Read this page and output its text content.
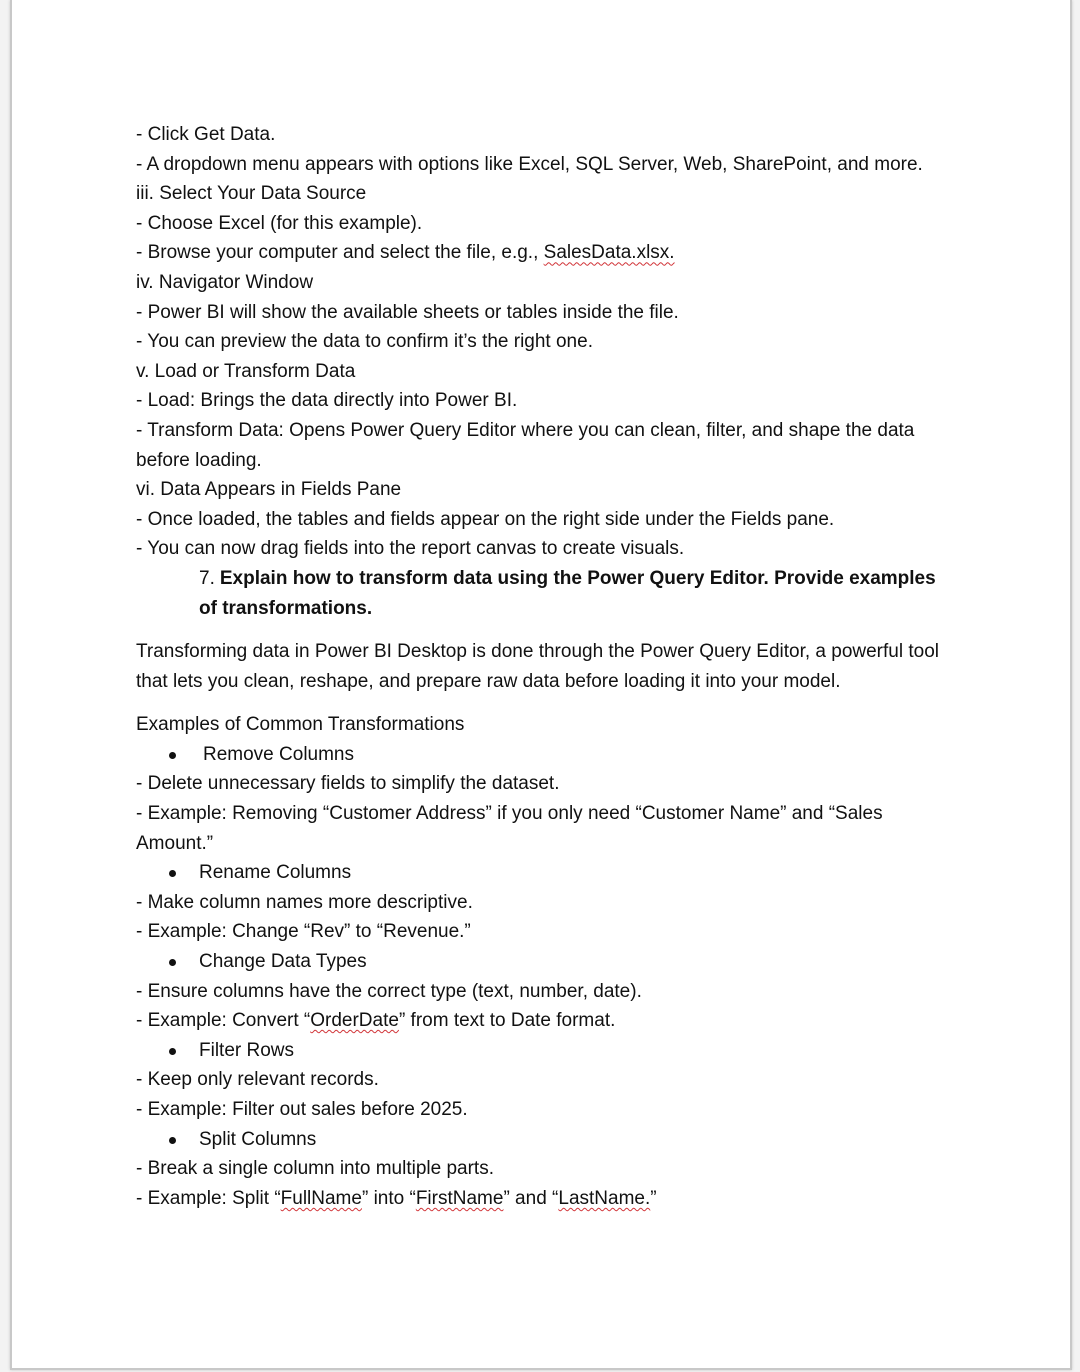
- Click Get Data.
- A dropdown menu appears with options like Excel, SQL Server, Web, SharePoint, and more.
iii. Select Your Data Source
- Choose Excel (for this example).
- Browse your computer and select the file, e.g., SalesData.xlsx.
iv. Navigator Window
- Power BI will show the available sheets or tables inside the file.
- You can preview the data to confirm it’s the right one.
v. Load or Transform Data
- Load: Brings the data directly into Power BI.
- Transform Data: Opens Power Query Editor where you can clean, filter, and shape the data before loading.
vi. Data Appears in Fields Pane
- Once loaded, the tables and fields appear on the right side under the Fields pane.
- You can now drag fields into the report canvas to create visuals.
7. Explain how to transform data using the Power Query Editor. Provide examples of transformations.
Transforming data in Power BI Desktop is done through the Power Query Editor, a powerful tool that lets you clean, reshape, and prepare raw data before loading it into your model.
Examples of Common Transformations
Remove Columns
- Delete unnecessary fields to simplify the dataset.
- Example: Removing “Customer Address” if you only need “Customer Name” and “Sales Amount.”
Rename Columns
- Make column names more descriptive.
- Example: Change “Rev” to “Revenue.”
Change Data Types
- Ensure columns have the correct type (text, number, date).
- Example: Convert “OrderDate” from text to Date format.
Filter Rows
- Keep only relevant records.
- Example: Filter out sales before 2025.
Split Columns
- Break a single column into multiple parts.
- Example: Split “FullName” into “FirstName” and “LastName.”
